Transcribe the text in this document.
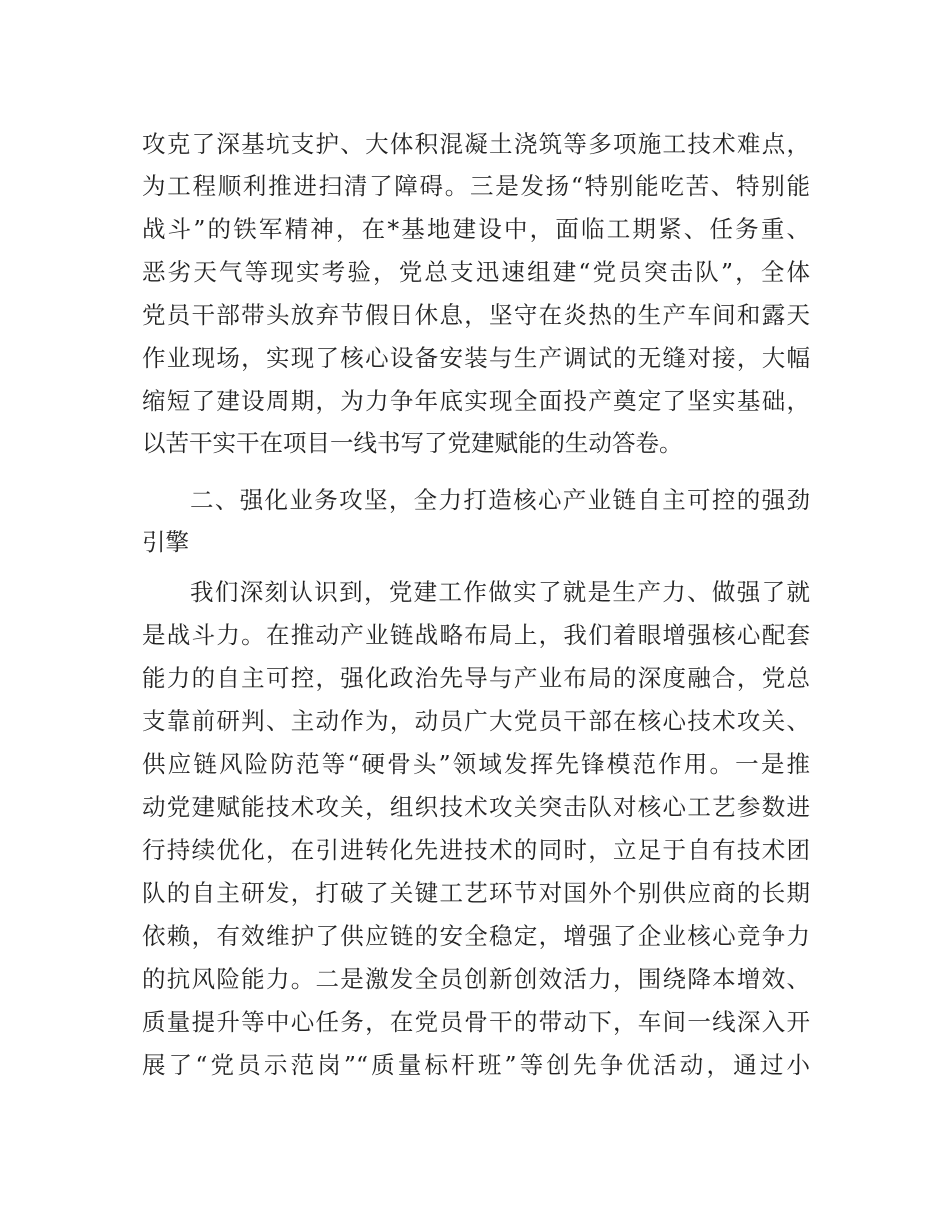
攻克了深基坑支护、大体积混凝土浇筑等多项施工技术难点，
为工程顺利推进扫清了障碍。三是发扬“特别能吃苦、特别能
战斗”的铁军精神，在*基地建设中，面临工期紧、任务重、
恶劣天气等现实考验，党总支迅速组建“党员突击队”，全体
党员干部带头放弃节假日休息，坚守在炎热的生产车间和露天
作业现场，实现了核心设备安装与生产调试的无缝对接，大幅
缩短了建设周期，为力争年底实现全面投产奠定了坚实基础，
以苦干实干在项目一线书写了党建赋能的生动答卷。
二、强化业务攻坚，全力打造核心产业链自主可控的强劲
引擎
我们深刻认识到，党建工作做实了就是生产力、做强了就
是战斗力。在推动产业链战略布局上，我们着眼增强核心配套
能力的自主可控，强化政治先导与产业布局的深度融合，党总
支靠前研判、主动作为，动员广大党员干部在核心技术攻关、
供应链风险防范等“硬骨头”领域发挥先锋模范作用。一是推
动党建赋能技术攻关，组织技术攻关突击队对核心工艺参数进
行持续优化，在引进转化先进技术的同时，立足于自有技术团
队的自主研发，打破了关键工艺环节对国外个别供应商的长期
依赖，有效维护了供应链的安全稳定，增强了企业核心竞争力
的抗风险能力。二是激发全员创新创效活力，围绕降本增效、
质量提升等中心任务，在党员骨干的带动下，车间一线深入开
展了“党员示范岗”“质量标杆班”等创先争优活动，通过小
